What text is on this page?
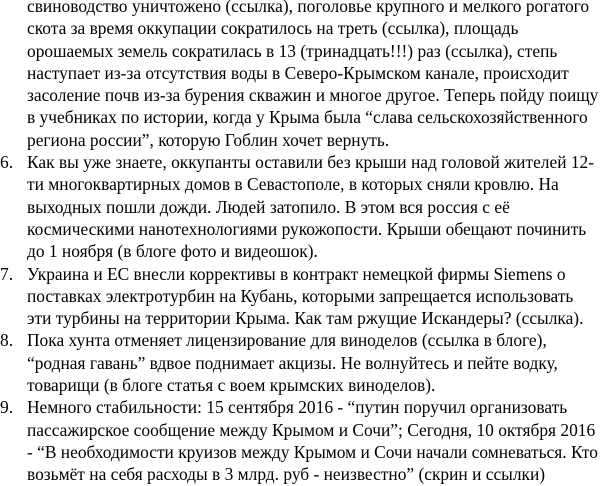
свиноводство уничтожено (ссылка), поголовье крупного и мелкого рогатого
скота за время оккупации сократилось на треть (ссылка), площадь
орошаемых земель сократилась в 13 (тринадцать!!!) раз (ссылка), степь
наступает из-за отсутствия воды в Северо-Крымском канале, происходит
засоление почв из-за бурения скважин и многое другое. Теперь пойду поищу
в учебниках по истории, когда у Крыма была “слава сельскохозяйственного
региона россии”, которую Гоблин хочет вернуть.

6. Как вы уже знаете, оккупанты оставили без крыши над головой жителей 12-
ти многоквартирных домов в Севастополе, в которых сняли кровлю. На
выходных пошли дожди. Людей затопило. В этом вся россия с её
космическими нанотехнологиями рукожопости. Крыши обещают починить
до 1 ноября (в блоге фото и видеошок).
7. Украина и ЕС внесли коррективы в контракт немецкой фирмы Siemens о
поставках электротурбин на Кубань, которыми запрещается использовать
эти турбины на территории Крыма. Как там ржущие Искандеры? (ссылка).
8. Пока хунта отменяет лицензирование для виноделов (ссылка в блоге),
“родная гавань” вдвое поднимает акцизы. Не волнуйтесь и пейте водку,
товарищи (в блоге статья с воем крымских виноделов).
9. Немного стабильности: 15 сентября 2016 - “путин поручил организовать
пассажирское сообщение между Крымом и Сочи”; Сегодня, 10 октября 2016
- “В необходимости круизов между Крымом и Сочи начали сомневаться. Кто
возьмёт на себя расходы в 3 млрд. руб - неизвестно” (скрин и ссылки)
